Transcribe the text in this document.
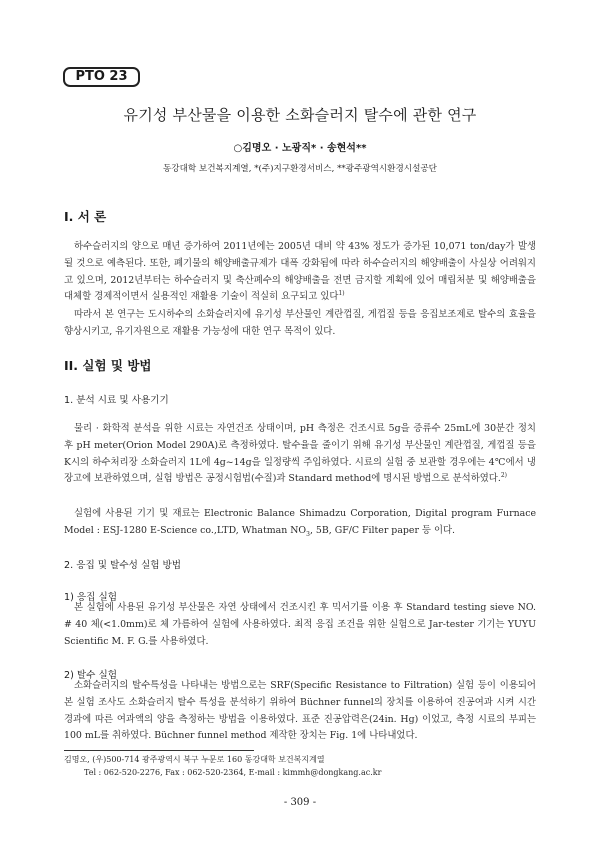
PTO 23
유기성 부산물을 이용한 소화슬러지 탈수에 관한 연구
○김명오 · 노광직* · 송현석**
동강대학 보건복지계열, *(주)지구환경서비스, **광주광역시환경시설공단
I. 서 론

하수슬러지의 양으로 매년 증가하여 2011년에는 2005년 대비 약 43% 정도가 증가된 10,071 ton/day가 발생 될 것으로 예측된다. 또한, 폐기물의 해양배출규제가 대폭 강화됨에 따라 하수슬러지의 해양배출이 사실상 어려워지고 있으며, 2012년부터는 하수슬러지 및 축산폐수의 해양배출을 전면 금지할 계획에 있어 매립처분 및 해양배출을 대체할 경제적이면서 실용적인 재활용 기술이 적실히 요구되고 있다$^{1)}$

따라서 본 연구는 도시하수의 소화슬러지에 유기성 부산물인 계란껍질, 게껍질 등을 응집보조제로 탈수의 효율을 향상시키고, 유기자원으로 재활용 가능성에 대한 연구 목적이 있다.

II. 실험 및 방법
1. 분석 시료 및 사용기기

물리 · 화학적 분석을 위한 시료는 자연건조 상태이며, pH 측정은 건조시료 5g을 증류수 25mL에 30분간 정치 후 pH meter(Orion Model 290A)로 측정하였다. 탈수율을 줄이기 위해 유기성 부산물인 계란껍질, 게껍질 등을 K시의 하수처리장 소화슬러지 1L에 4g~14g을 일정량씩 주입하였다. 시료의 실험 중 보관할 경우에는 4℃에서 냉장고에 보관하였으며, 실험 방법은 공정시험법(수질)과 Standard method에 명시된 방법으로 분석하였다.$^{2)}$

실험에 사용된 기기 및 재료는 Electronic Balance Shimadzu Corporation, Digital program Furnace Model : ESJ-1280 E-Science co.,LTD, Whatman $NO_3$, 5B, GF/C Filter paper 등 이다.

2. 응집 및 탈수성 실험 방법
1) 응집 실험

본 실험에 사용된 유기성 부산물은 자연 상태에서 건조시킨 후 믹서기를 이용 후 Standard testing sieve NO. # 40 체(<1.0mm)로 체 가름하여 실험에 사용하였다. 최적 응집 조건을 위한 실험으로 Jar-tester 기기는 YUYU Scientific M. F. G.를 사용하였다.

2) 탈수 실험

소화슬러지의 탈수특성을 나타내는 방법으로는 SRF(Specific Resistance to Filtration) 실험 등이 이용되어 본 실험 조사도 소화슬러지 탈수 특성을 분석하기 위하여 Büchner funnel의 장치를 이용하여 진공여과 시켜 시간경과에 따른 여과액의 양을 측정하는 방법을 이용하였다. 표준 진공압력은(24in. Hg) 이었고, 측정 시료의 부피는 100 mL를 취하였다. Büchner funnel method 제작한 장치는 Fig. 1에 나타내었다.

김명오, (우)500-714 광주광역시 북구 누문로 160 동강대학 보건복지계열
Tel : 062-520-2276, Fax : 062-520-2364, E-mail : kimmh@dongkang.ac.kr
- 309 -
